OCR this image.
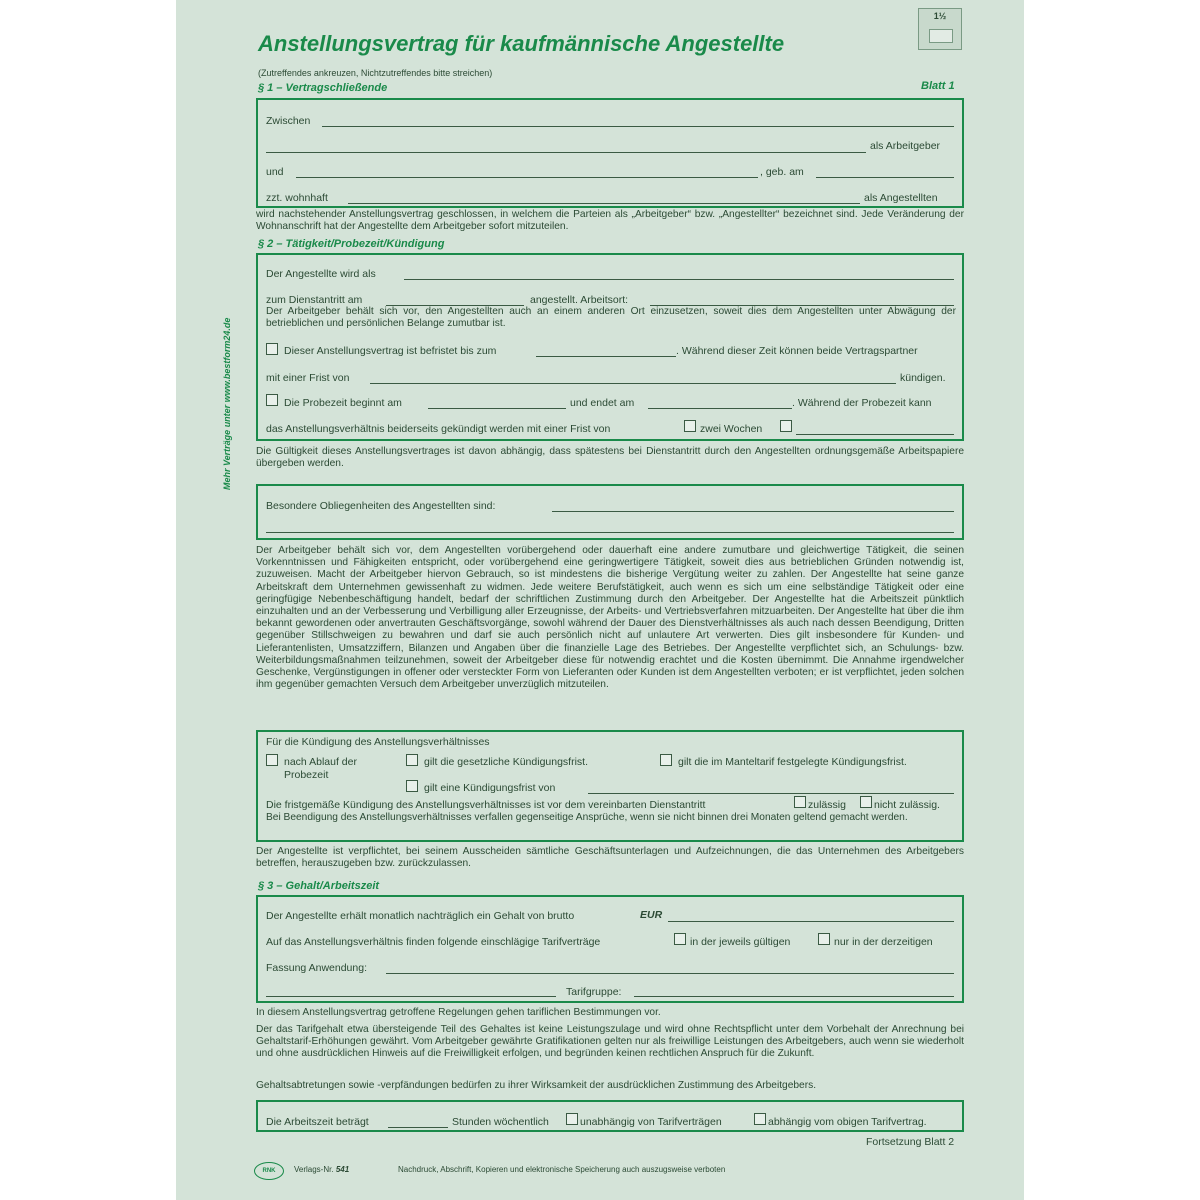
Anstellungsvertrag für kaufmännische Angestellte
(Zutreffendes ankreuzen, Nichtzutreffendes bitte streichen)
1½
§ 1 – Vertragschließende	Blatt 1
Mehr Verträge unter www.bestform24.de
Zwischen
als Arbeitgeber
und	, geb. am
zzt. wohnhaft	als Angestellten
wird nachstehender Anstellungsvertrag geschlossen, in welchem die Parteien als „Arbeitgeber“ bzw. „Angestellter“ bezeichnet sind. Jede Veränderung der Wohnanschrift hat der Angestellte dem Arbeitgeber sofort mitzuteilen.
§ 2 – Tätigkeit/Probezeit/Kündigung
Der Angestellte wird als
zum Dienstantritt am	angestellt. Arbeitsort:
Der Arbeitgeber behält sich vor, den Angestellten auch an einem anderen Ort einzusetzen, soweit dies dem Angestellten unter Abwägung der betrieblichen und persönlichen Belange zumutbar ist.
Dieser Anstellungsvertrag ist befristet bis zum	. Während dieser Zeit können beide Vertragspartner
mit einer Frist von	kündigen.
Die Probezeit beginnt am	und endet am	. Während der Probezeit kann
das Anstellungsverhältnis beiderseits gekündigt werden mit einer Frist von	zwei Wochen
Die Gültigkeit dieses Anstellungsvertrages ist davon abhängig, dass spätestens bei Dienstantritt durch den Angestellten ordnungsgemäße Arbeitspapiere übergeben werden.
Besondere Obliegenheiten des Angestellten sind:
Der Arbeitgeber behält sich vor, dem Angestellten vorübergehend oder dauerhaft eine andere zumutbare und gleichwertige Tätigkeit, die seinen Vorkenntnissen und Fähigkeiten entspricht, oder vorübergehend eine geringwertigere Tätigkeit, soweit dies aus betrieblichen Gründen notwendig ist, zuzuweisen. Macht der Arbeitgeber hiervon Gebrauch, so ist mindestens die bisherige Vergütung weiter zu zahlen. Der Angestellte hat seine ganze Arbeitskraft dem Unternehmen gewissenhaft zu widmen. Jede weitere Berufstätigkeit, auch wenn es sich um eine selbständige Tätigkeit oder eine geringfügige Nebenbeschäftigung handelt, bedarf der schriftlichen Zustimmung durch den Arbeitgeber. Der Angestellte hat die Arbeitszeit pünktlich einzuhalten und an der Verbesserung und Verbilligung aller Erzeugnisse, der Arbeits- und Vertriebsverfahren mitzuarbeiten. Der Angestellte hat über die ihm bekannt gewordenen oder anvertrauten Geschäftsvorgänge, sowohl während der Dauer des Dienstverhältnisses als auch nach dessen Beendigung, Dritten gegenüber Stillschweigen zu bewahren und darf sie auch persönlich nicht auf unlautere Art verwerten. Dies gilt insbesondere für Kunden- und Lieferantenlisten, Umsatzziffern, Bilanzen und Angaben über die finanzielle Lage des Betriebes. Der Angestellte verpflichtet sich, an Schulungs- bzw. Weiterbildungsmaßnahmen teilzunehmen, soweit der Arbeitgeber diese für notwendig erachtet und die Kosten übernimmt. Die Annahme irgendwelcher Geschenke, Vergünstigungen in offener oder versteckter Form von Lieferanten oder Kunden ist dem Angestellten verboten; er ist verpflichtet, jeden solchen ihm gegenüber gemachten Versuch dem Arbeitgeber unverzüglich mitzuteilen.
Für die Kündigung des Anstellungsverhältnisses
nach Ablauf der Probezeit
gilt die gesetzliche Kündigungsfrist.	gilt die im Manteltarif festgelegte Kündigungsfrist.
gilt eine Kündigungsfrist von
Die fristgemäße Kündigung des Anstellungsverhältnisses ist vor dem vereinbarten Dienstantritt	zulässig	nicht zulässig.
Bei Beendigung des Anstellungsverhältnisses verfallen gegenseitige Ansprüche, wenn sie nicht binnen drei Monaten geltend gemacht werden.
Der Angestellte ist verpflichtet, bei seinem Ausscheiden sämtliche Geschäftsunterlagen und Aufzeichnungen, die das Unternehmen des Arbeitgebers betreffen, herauszugeben bzw. zurückzulassen.
§ 3 – Gehalt/Arbeitszeit
Der Angestellte erhält monatlich nachträglich ein Gehalt von brutto	EUR
Auf das Anstellungsverhältnis finden folgende einschlägige Tarifverträge	in der jeweils gültigen	nur in der derzeitigen
Fassung Anwendung:
Tarifgruppe:
In diesem Anstellungsvertrag getroffene Regelungen gehen tariflichen Bestimmungen vor.
Der das Tarifgehalt etwa übersteigende Teil des Gehaltes ist keine Leistungszulage und wird ohne Rechtspflicht unter dem Vorbehalt der Anrechnung bei Gehaltstarif-Erhöhungen gewährt. Vom Arbeitgeber gewährte Gratifikationen gelten nur als freiwillige Leistungen des Arbeitgebers, auch wenn sie wiederholt und ohne ausdrücklichen Hinweis auf die Freiwilligkeit erfolgen, und begründen keinen rechtlichen Anspruch für die Zukunft.
Gehaltsabtretungen sowie -verpfändungen bedürfen zu ihrer Wirksamkeit der ausdrücklichen Zustimmung des Arbeitgebers.
Die Arbeitszeit beträgt	Stunden wöchentlich	unabhängig von Tarifverträgen	abhängig vom obigen Tarifvertrag.
Fortsetzung Blatt 2
RNK	Verlags-Nr. 541	Nachdruck, Abschrift, Kopieren und elektronische Speicherung auch auszugsweise verboten
